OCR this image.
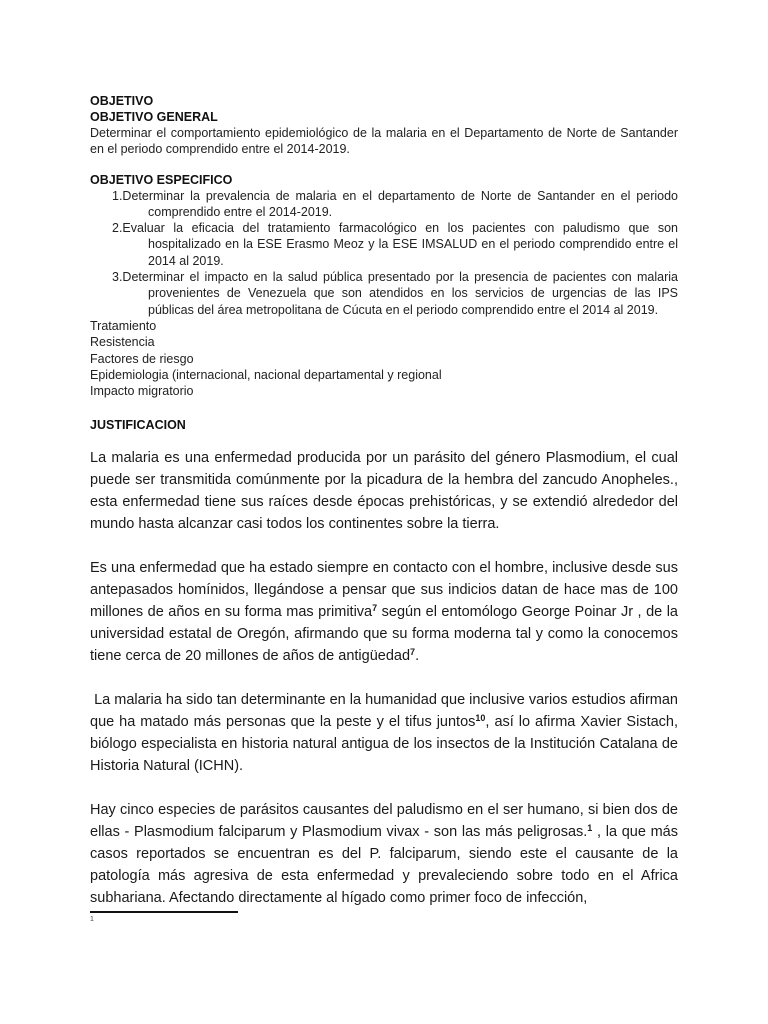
OBJETIVO

OBJETIVO GENERAL

Determinar el comportamiento epidemiológico de la malaria en el Departamento de Norte de Santander en el periodo comprendido entre el 2014-2019.

OBJETIVO ESPECIFICO

1.Determinar la prevalencia de malaria en el departamento de Norte de Santander en el periodo comprendido entre el 2014-2019.
2.Evaluar la eficacia del tratamiento farmacológico en los pacientes con paludismo que son hospitalizado en la ESE Erasmo Meoz y la ESE IMSALUD en el periodo comprendido entre el 2014 al 2019.
3.Determinar el impacto en la salud pública presentado por la presencia de pacientes con malaria provenientes de Venezuela que son atendidos en los servicios de urgencias de las IPS públicas del área metropolitana de Cúcuta en el periodo comprendido entre el 2014 al 2019.

Tratamiento

Resistencia

Factores de riesgo

Epidemiologia (internacional, nacional departamental y regional

Impacto migratorio

JUSTIFICACION

La malaria es una enfermedad producida por un parásito del género Plasmodium, el cual puede ser transmitida comúnmente por la picadura de la hembra del zancudo Anopheles., esta enfermedad tiene sus raíces desde épocas prehistóricas, y se extendió alrededor del mundo hasta alcanzar casi todos los continentes sobre la tierra.

Es una enfermedad que ha estado siempre en contacto con el hombre, inclusive desde sus antepasados homínidos, llegándose a pensar que sus indicios datan de hace mas de 100 millones de años en su forma mas primitiva$^7$ según el entomólogo George Poinar Jr , de la universidad estatal de Oregón, afirmando que su forma moderna tal y como la conocemos tiene cerca de 20 millones de años de antigüedad$^7$.

La malaria ha sido tan determinante en la humanidad que inclusive varios estudios afirman que ha matado más personas que la peste y el tifus juntos$^{10}$, así lo afirma Xavier Sistach, biólogo especialista en historia natural antigua de los insectos de la Institución Catalana de Historia Natural (ICHN).

Hay cinco especies de parásitos causantes del paludismo en el ser humano, si bien dos de ellas - Plasmodium falciparum y Plasmodium vivax - son las más peligrosas.$^1$ , la que más casos reportados se encuentran es del P. falciparum, siendo este el causante de la patología más agresiva de esta enfermedad y prevaleciendo sobre todo en el Africa subhariana. Afectando directamente al hígado como primer foco de infección,

1
